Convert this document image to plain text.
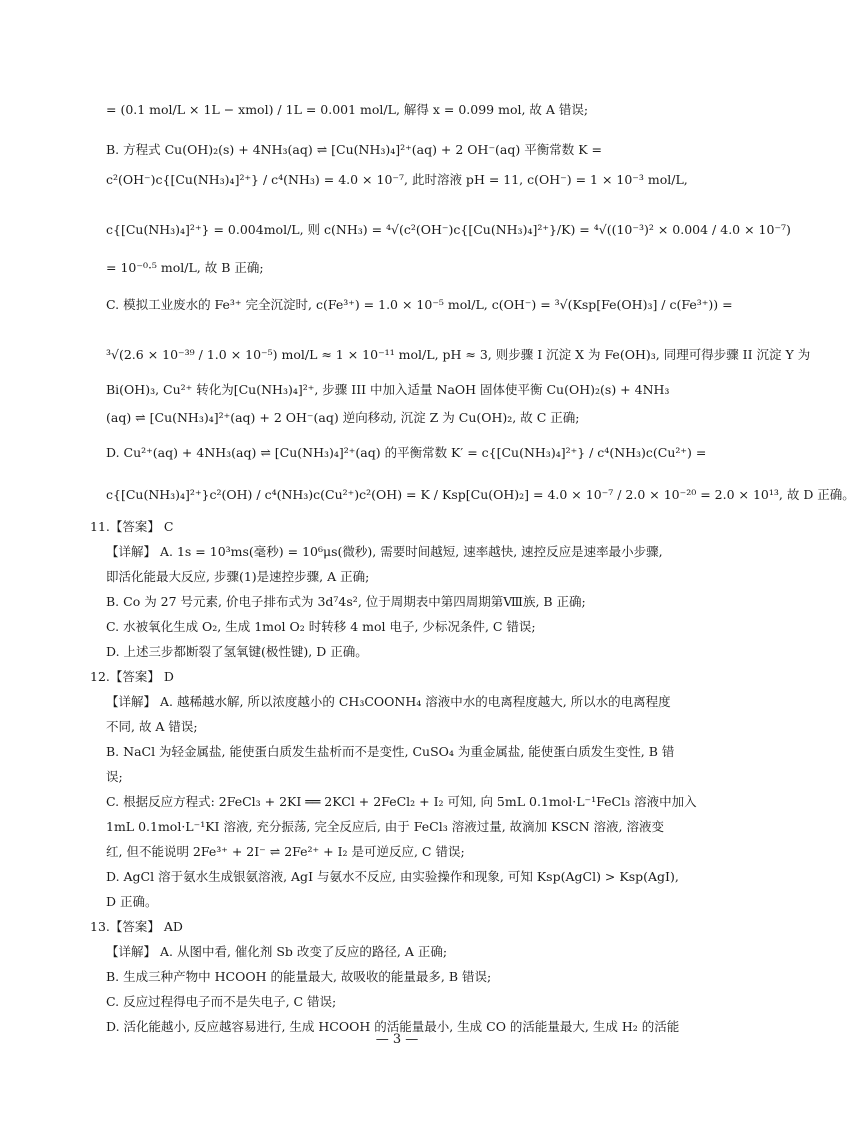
= (0.1 mol/L × 1L − xmol) / 1L = 0.001 mol/L, 解得 x = 0.099 mol, 故 A 错误;
B. 方程式 Cu(OH)₂(s) + 4NH₃(aq) ⇌ [Cu(NH₃)₄]²⁺(aq) + 2 OH⁻(aq) 平衡常数 K =
c²(OH⁻)c{[Cu(NH₃)₄]²⁺} / c⁴(NH₃) = 4.0 × 10⁻⁷, 此时溶液 pH = 11, c(OH⁻) = 1 × 10⁻³ mol/L,
c{[Cu(NH₃)₄]²⁺} = 0.004mol/L, 则 c(NH₃) = ⁴√(c²(OH⁻)c{[Cu(NH₃)₄]²⁺}/K) = ⁴√((10⁻³)² × 0.004 / 4.0 × 10⁻⁷)
= 10⁻⁰·⁵ mol/L, 故 B 正确;
C. 模拟工业废水的 Fe³⁺ 完全沉淀时, c(Fe³⁺) = 1.0 × 10⁻⁵ mol/L, c(OH⁻) = ³√(Ksp[Fe(OH)₃] / c(Fe³⁺)) =
³√(2.6 × 10⁻³⁹ / 1.0 × 10⁻⁵) mol/L ≈ 1 × 10⁻¹¹ mol/L, pH ≈ 3, 则步骤 I 沉淀 X 为 Fe(OH)₃, 同理可得步骤 II 沉淀 Y 为
Bi(OH)₃, Cu²⁺ 转化为[Cu(NH₃)₄]²⁺, 步骤 III 中加入适量 NaOH 固体使平衡 Cu(OH)₂(s) + 4NH₃
(aq) ⇌ [Cu(NH₃)₄]²⁺(aq) + 2 OH⁻(aq) 逆向移动, 沉淀 Z 为 Cu(OH)₂, 故 C 正确;
D. Cu²⁺(aq) + 4NH₃(aq) ⇌ [Cu(NH₃)₄]²⁺(aq) 的平衡常数 K′ = c{[Cu(NH₃)₄]²⁺} / c⁴(NH₃)c(Cu²⁺) =
c{[Cu(NH₃)₄]²⁺}c²(OH) / c⁴(NH₃)c(Cu²⁺)c²(OH) = K / Ksp[Cu(OH)₂] = 4.0 × 10⁻⁷ / 2.0 × 10⁻²⁰ = 2.0 × 10¹³, 故 D 正确。
11.【答案】 C
【详解】 A. 1s = 10³ms(毫秒) = 10⁶μs(微秒), 需要时间越短, 速率越快, 速控反应是速率最小步骤,
即活化能最大反应, 步骤(1)是速控步骤, A 正确;
B. Co 为 27 号元素, 价电子排布式为 3d⁷4s², 位于周期表中第四周期第Ⅷ族, B 正确;
C. 水被氧化生成 O₂, 生成 1mol O₂ 时转移 4 mol 电子, 少标况条件, C 错误;
D. 上述三步都断裂了氢氧键(极性键), D 正确。
12.【答案】 D
【详解】 A. 越稀越水解, 所以浓度越小的 CH₃COONH₄ 溶液中水的电离程度越大, 所以水的电离程度
不同, 故 A 错误;
B. NaCl 为轻金属盐, 能使蛋白质发生盐析而不是变性, CuSO₄ 为重金属盐, 能使蛋白质发生变性, B 错
误;
C. 根据反应方程式: 2FeCl₃ + 2KI ══ 2KCl + 2FeCl₂ + I₂ 可知, 向 5mL 0.1mol·L⁻¹FeCl₃ 溶液中加入
1mL 0.1mol·L⁻¹KI 溶液, 充分振荡, 完全反应后, 由于 FeCl₃ 溶液过量, 故滴加 KSCN 溶液, 溶液变
红, 但不能说明 2Fe³⁺ + 2I⁻ ⇌ 2Fe²⁺ + I₂ 是可逆反应, C 错误;
D. AgCl 溶于氨水生成银氨溶液, AgI 与氨水不反应, 由实验操作和现象, 可知 Ksp(AgCl) > Ksp(AgI),
D 正确。
13.【答案】 AD
【详解】 A. 从图中看, 催化剂 Sb 改变了反应的路径, A 正确;
B. 生成三种产物中 HCOOH 的能量最大, 故吸收的能量最多, B 错误;
C. 反应过程得电子而不是失电子, C 错误;
D. 活化能越小, 反应越容易进行, 生成 HCOOH 的活能量最小, 生成 CO 的活能量最大, 生成 H₂ 的活能
— 3 —
